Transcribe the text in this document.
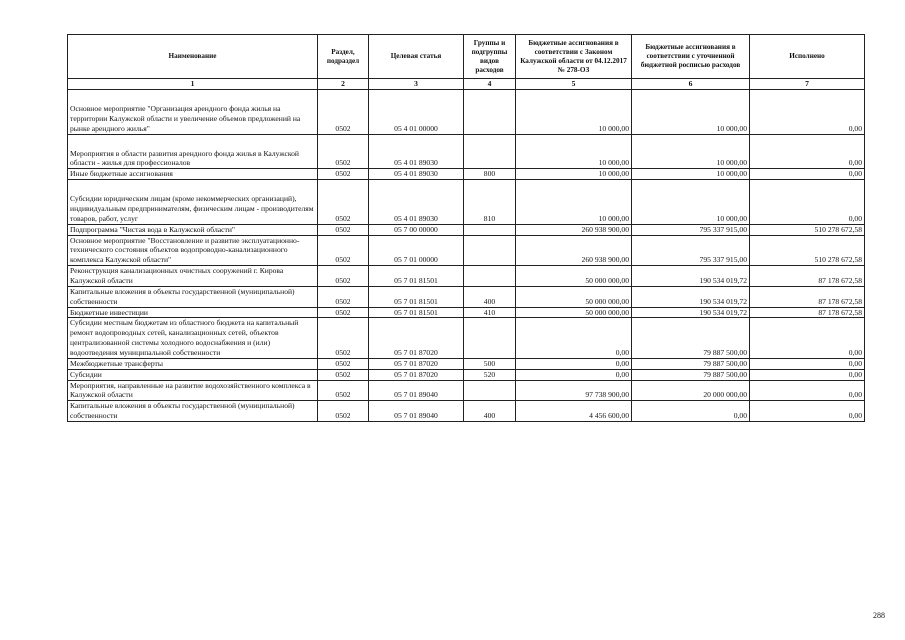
Наименование	Раздел, подраздел	Целевая статья	Группы и подгруппы видов расходов	Бюджетные ассигнования в соответствии с Законом Калужской области от 04.12.2017 № 278-ОЗ	Бюджетные ассигнования в соответствии с уточненной бюджетной росписью расходов	Исполнено
1	2	3	4	5	6	7
Основное мероприятие "Организация арендного фонда жилья на территории Калужской области и увеличение объемов предложений на рынке арендного жилья"	0502	05 4 01 00000		10 000,00	10 000,00	0,00
Мероприятия в области развития арендного фонда жилья в Калужской области - жилья для профессионалов	0502	05 4 01 89030		10 000,00	10 000,00	0,00
Иные бюджетные ассигнования	0502	05 4 01 89030	800	10 000,00	10 000,00	0,00
Субсидии юридическим лицам (кроме некоммерческих организаций), индивидуальным предпринимателям, физическим лицам - производителям товаров, работ, услуг	0502	05 4 01 89030	810	10 000,00	10 000,00	0,00
Подпрограмма "Чистая вода в Калужской области"	0502	05 7 00 00000		260 938 900,00	795 337 915,00	510 278 672,58
Основное мероприятие "Восстановление и развитие эксплуатационно-технического состояния объектов водопроводно-канализационного комплекса Калужской области"	0502	05 7 01 00000		260 938 900,00	795 337 915,00	510 278 672,58
Реконструкция канализационных очистных сооружений г. Кирова Калужской области	0502	05 7 01 81501		50 000 000,00	190 534 019,72	87 178 672,58
Капитальные вложения в объекты государственной (муниципальной) собственности	0502	05 7 01 81501	400	50 000 000,00	190 534 019,72	87 178 672,58
Бюджетные инвестиции	0502	05 7 01 81501	410	50 000 000,00	190 534 019,72	87 178 672,58
Субсидии местным бюджетам из областного бюджета на капитальный ремонт водопроводных сетей, канализационных сетей, объектов централизованной системы холодного водоснабжения и (или) водоотведения муниципальной собственности	0502	05 7 01 87020		0,00	79 887 500,00	0,00
Межбюджетные трансферты	0502	05 7 01 87020	500	0,00	79 887 500,00	0,00
Субсидии	0502	05 7 01 87020	520	0,00	79 887 500,00	0,00
Мероприятия, направленные на развитие водохозяйственного комплекса в Калужской области	0502	05 7 01 89040		97 738 900,00	20 000 000,00	0,00
Капитальные вложения в объекты государственной (муниципальной) собственности	0502	05 7 01 89040	400	4 456 600,00	0,00	0,00
288
